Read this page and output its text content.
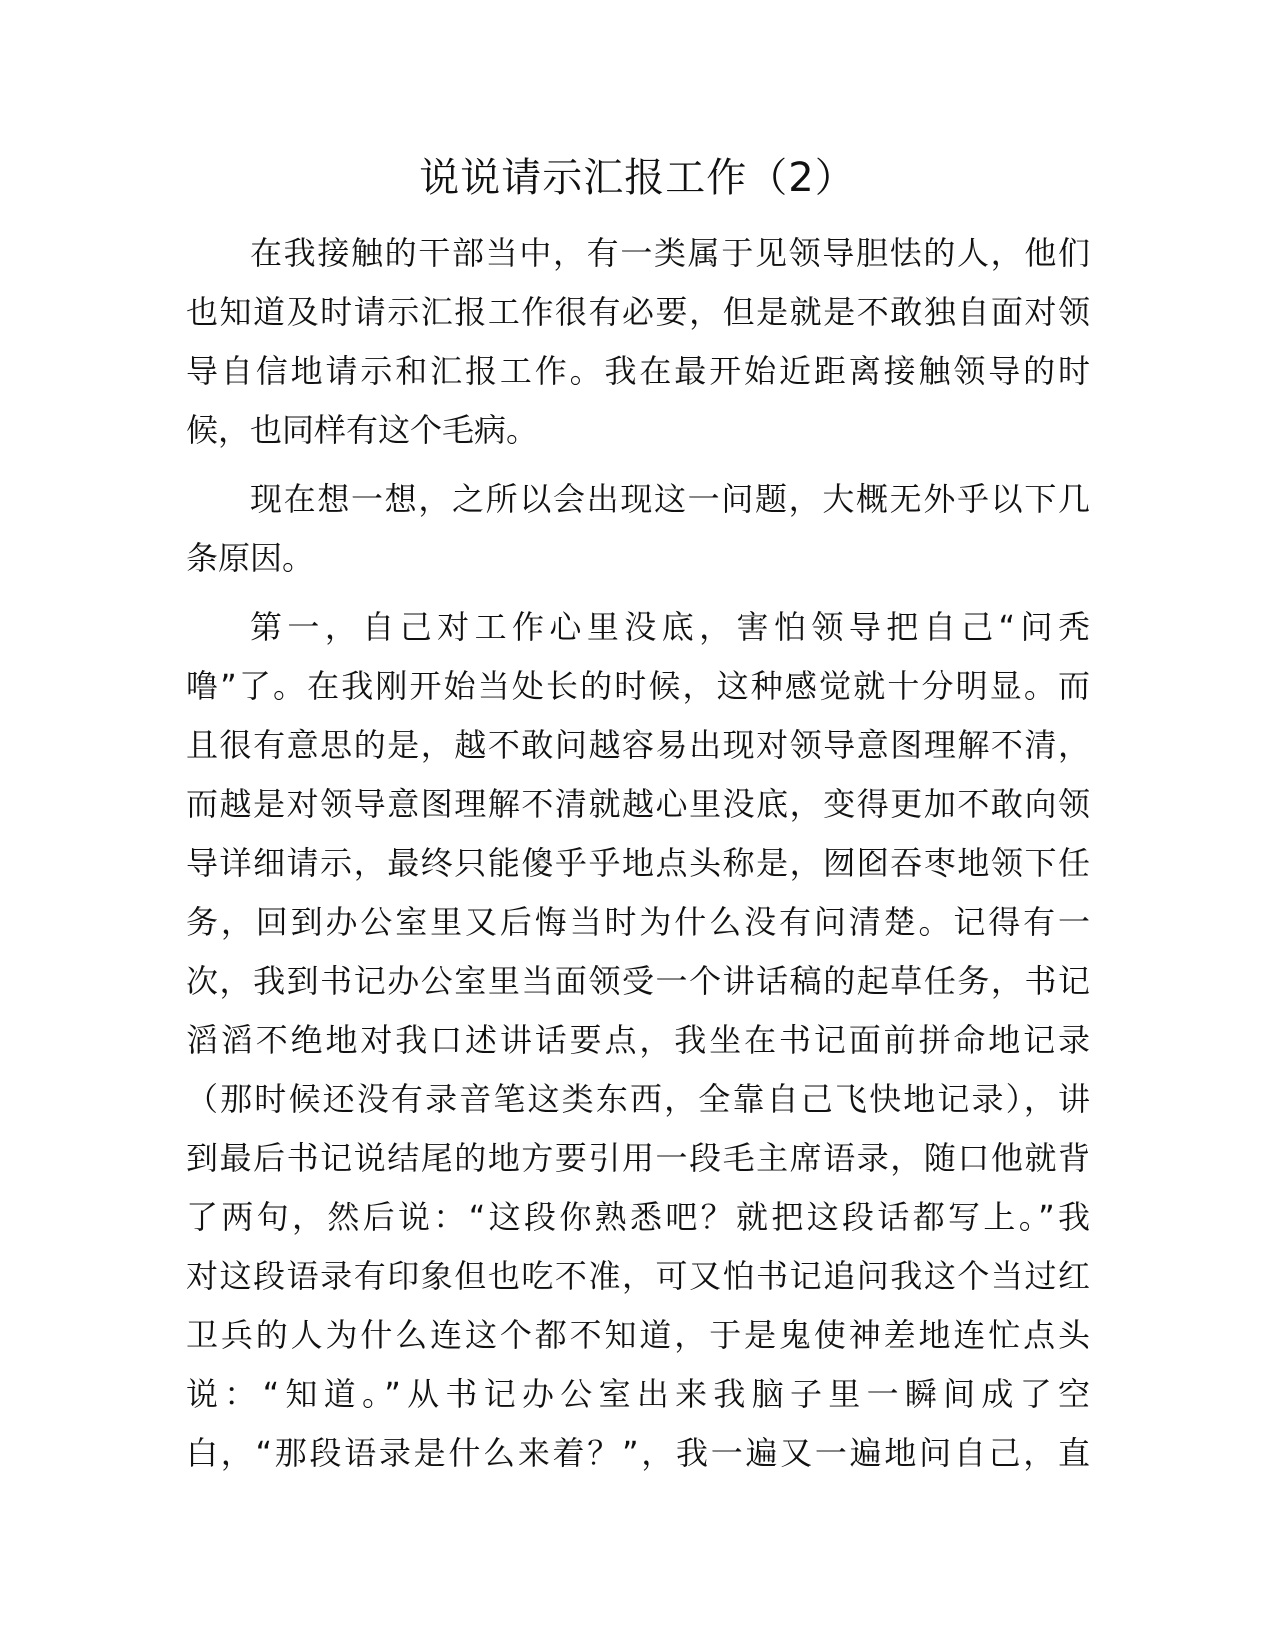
说说请示汇报工作（2）
在我接触的干部当中，有一类属于见领导胆怯的人，他们
也知道及时请示汇报工作很有必要，但是就是不敢独自面对领
导自信地请示和汇报工作。我在最开始近距离接触领导的时
候，也同样有这个毛病。
现在想一想，之所以会出现这一问题，大概无外乎以下几
条原因。
第一，自己对工作心里没底，害怕领导把自己“问秃
噜”了。在我刚开始当处长的时候，这种感觉就十分明显。而
且很有意思的是，越不敢问越容易出现对领导意图理解不清，
而越是对领导意图理解不清就越心里没底，变得更加不敢向领
导详细请示，最终只能傻乎乎地点头称是，囫囵吞枣地领下任
务，回到办公室里又后悔当时为什么没有问清楚。记得有一
次，我到书记办公室里当面领受一个讲话稿的起草任务，书记
滔滔不绝地对我口述讲话要点，我坐在书记面前拼命地记录
（那时候还没有录音笔这类东西，全靠自己飞快地记录），讲
到最后书记说结尾的地方要引用一段毛主席语录，随口他就背
了两句，然后说：“这段你熟悉吧？就把这段话都写上。”我
对这段语录有印象但也吃不准，可又怕书记追问我这个当过红
卫兵的人为什么连这个都不知道，于是鬼使神差地连忙点头
说：“知道。”从书记办公室出来我脑子里一瞬间成了空
白，“那段语录是什么来着？”，我一遍又一遍地问自己，直
